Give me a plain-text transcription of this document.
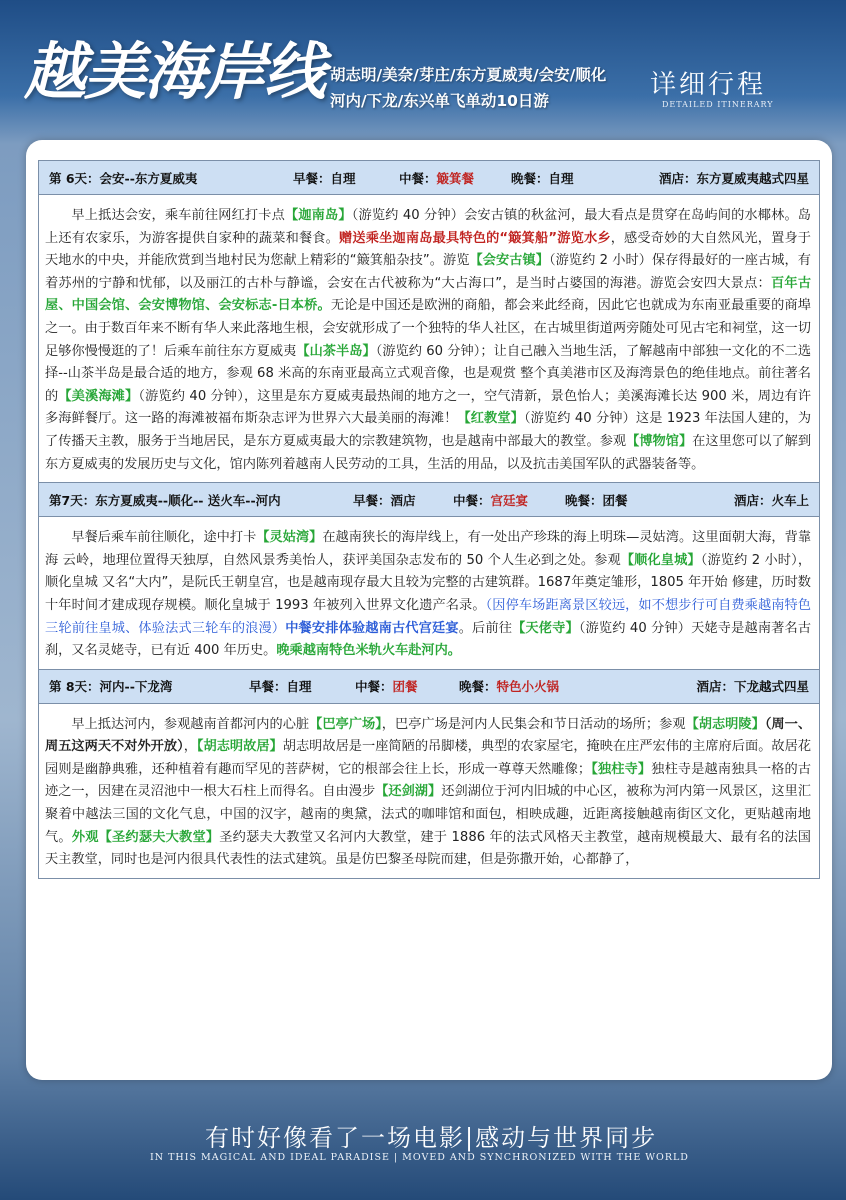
越美海岸线 胡志明/美奈/芽庄/东方夏威夷/会安/顺化
河内/下龙/东兴单飞单动10日游
详细行程
DETAILED ITINERARY
第 6天：会安--东方夏威夷	早餐：自理	中餐：簸箕餐	晚餐：自理	酒店：东方夏威夷越式四星
早上抵达会安，乘车前往网红打卡点【迦南岛】（游览约 40 分钟）会安古镇的秋盆河，最大看点是贯穿在岛屿间的水椰林。岛上还有农家乐，为游客提供自家种的蔬菜和餐食。赠送乘坐迦南岛最具特色的“簸箕船”游览水乡，感受奇妙的大自然风光，置身于天地水的中央，并能欣赏到当地村民为您献上精彩的“簸箕船杂技”。游览【会安古镇】（游览约 2 小时）保存得最好的一座古城，有着苏州的宁静和忧郁，以及丽江的古朴与静谧，会安在古代被称为“大占海口”，是当时占婆国的海港。游览会安四大景点：百年古屋、中国会馆、会安博物馆、会安标志-日本桥。无论是中国还是欧洲的商船，都会来此经商，因此它也就成为东南亚最重要的商埠之一。由于数百年来不断有华人来此落地生根，会安就形成了一个独特的华人社区，在古城里街道两旁随处可见古宅和祠堂，这一切足够你慢慢逛的了！后乘车前往东方夏威夷【山茶半岛】（游览约 60 分钟）；让自己融入当地生活，了解越南中部独一文化的不二选择--山茶半岛是最合适的地方，参观 68 米高的东南亚最高立式观音像，也是观赏 整个真美港市区及海湾景色的绝佳地点。前往著名的【美溪海滩】（游览约 40 分钟），这里是东方夏威夷最热闹的地方之一，空气清新，景色怡人；美溪海滩长达 900 米，周边有许多海鲜餐厅。这一路的海滩被福布斯杂志评为世界六大最美丽的海滩！【红教堂】（游览约 40 分钟）这是 1923 年法国人建的，为了传播天主教，服务于当地居民，是东方夏威夷最大的宗教建筑物，也是越南中部最大的教堂。参观【博物馆】在这里您可以了解到东方夏威夷的发展历史与文化，馆内陈列着越南人民劳动的工具，生活的用品，以及抗击美国军队的武器装备等。
第7天：东方夏威夷--顺化-- 送火车--河内	早餐：酒店	中餐：宫廷宴	晚餐：团餐	酒店：火车上
早餐后乘车前往顺化，途中打卡【灵姑湾】在越南狭长的海岸线上，有一处出产珍珠的海上明珠—灵姑湾。这里面朝大海，背靠海 云岭，地理位置得天独厚，自然风景秀美怡人，获评美国杂志发布的 50 个人生必到之处。参观【顺化皇城】（游览约 2 小时），顺化皇城 又名“大内”，是阮氏王朝皇宫，也是越南现存最大且较为完整的古建筑群。1687年奠定雏形，1805 年开始 修建，历时数十年时间才建成现存规模。顺化皇城于 1993 年被列入世界文化遗产名录。（因停车场距离景区较远，如不想步行可自费乘越南特色三轮前往皇城、体验法式三轮车的浪漫）中餐安排体验越南古代宫廷宴。后前往【天佬寺】（游览约 40 分钟）天姥寺是越南著名古刹，又名灵姥寺，已有近 400 年历史。晚乘越南特色米轨火车赴河内。
第 8天：河内--下龙湾	早餐：自理	中餐：团餐	晚餐：特色小火锅	酒店：下龙越式四星
早上抵达河内，参观越南首都河内的心脏【巴亭广场】，巴亭广场是河内人民集会和节日活动的场所；参观【胡志明陵】（周一、周五这两天不对外开放），【胡志明故居】胡志明故居是一座简陋的吊脚楼，典型的农家屋宅，掩映在庄严宏伟的主席府后面。故居花园则是幽静典雅，还种植着有趣而罕见的菩萨树，它的根部会往上长，形成一尊尊天然雕像；【独柱寺】独柱寺是越南独具一格的古迹之一，因建在灵沼池中一根大石柱上而得名。自由漫步【还剑湖】还剑湖位于河内旧城的中心区，被称为河内第一风景区，这里汇聚着中越法三国的文化气息，中国的汉字，越南的奥黛，法式的咖啡馆和面包，相映成趣，近距离接触越南街区文化，更贴越南地气。外观【圣约瑟夫大教堂】圣约瑟夫大教堂又名河内大教堂，建于 1886 年的法式风格天主教堂，越南规模最大、最有名的法国天主教堂，同时也是河内很具代表性的法式建筑。虽是仿巴黎圣母院而建，但是弥撒开始，心都静了，
有时好像看了一场电影|感动与世界同步
IN THIS MAGICAL AND IDEAL PARADISE | MOVED AND SYNCHRONIZED WITH THE WORLD
